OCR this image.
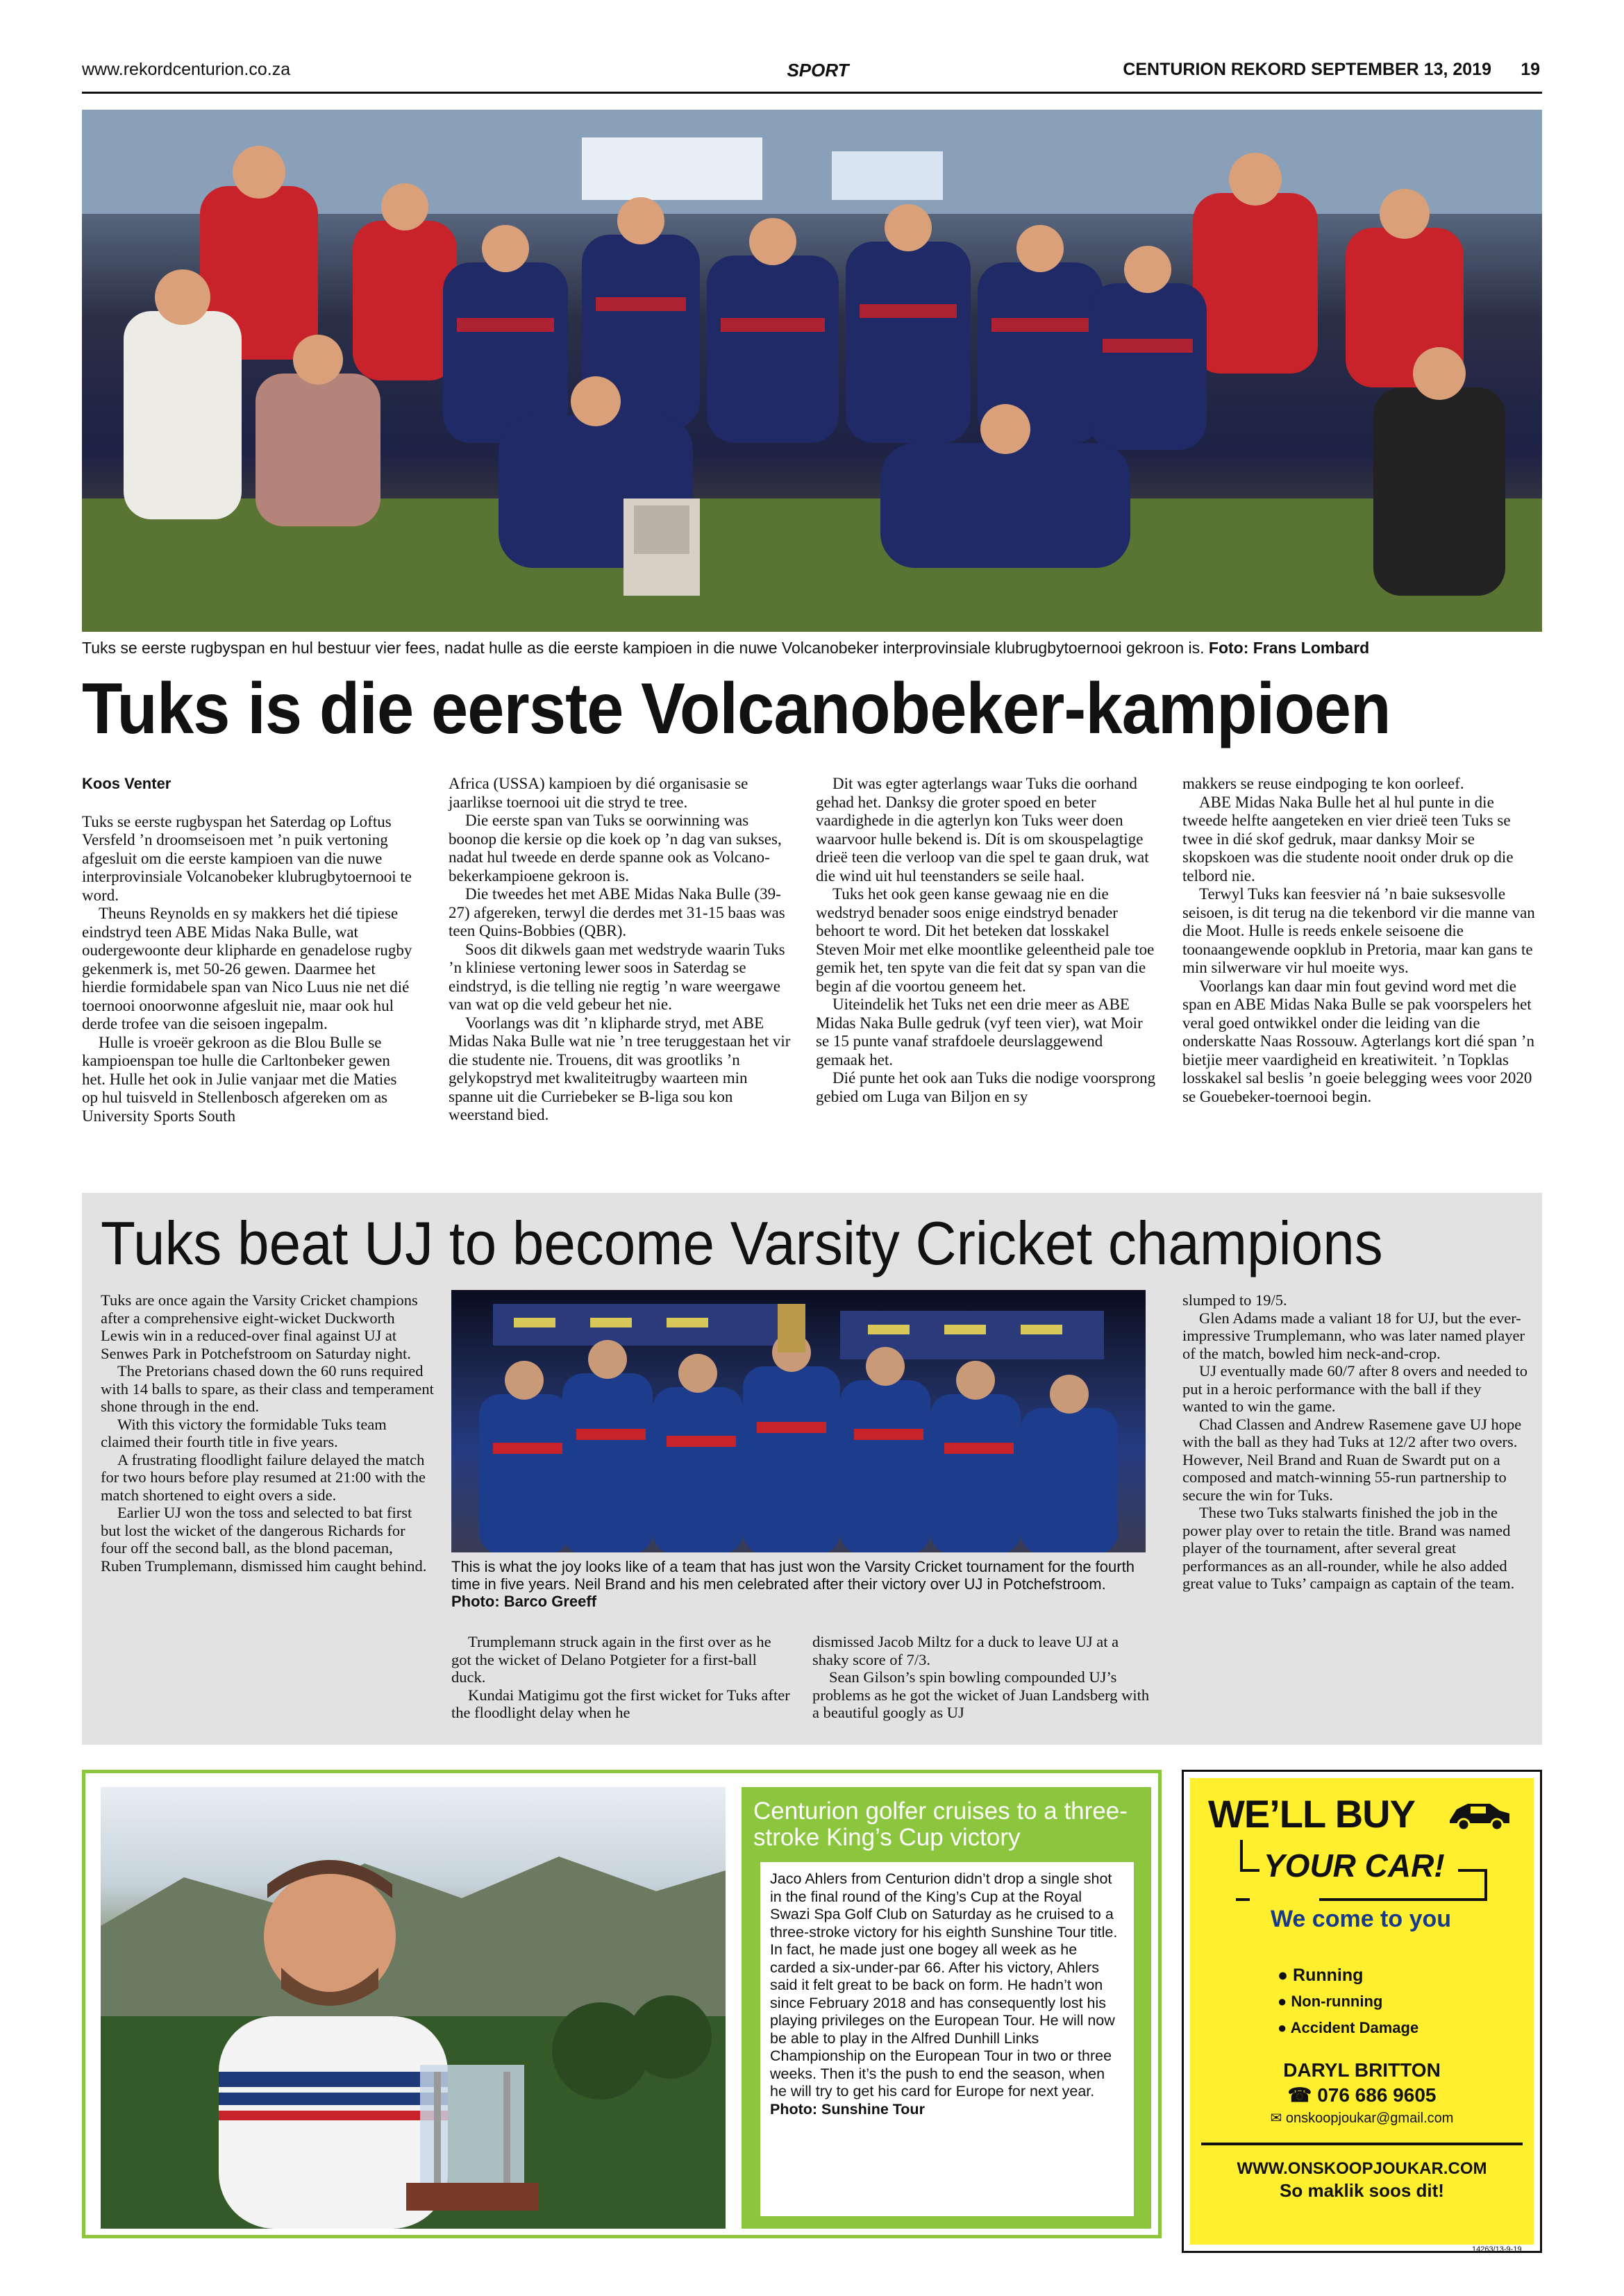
www.rekordcenturion.co.za	SPORT	CENTURION REKORD SEPTEMBER 13, 2019 19
Tuks se eerste rugbyspan en hul bestuur vier fees, nadat hulle as die eerste kampioen in die nuwe Volcanobeker interprovinsiale klubrugbytoernooi gekroon is. Foto: Frans Lombard
Tuks is die eerste Volcanobeker-kampioen
Koos Venter

Tuks se eerste rugbyspan het Saterdag op Loftus Versfeld ’n droomseisoen met ’n puik vertoning afgesluit om die eerste kampioen van die nuwe interprovinsiale Volcanobeker klubrugbytoernooi te word.

Theuns Reynolds en sy makkers het dié tipiese eindstryd teen ABE Midas Naka Bulle, wat oudergewoonte deur klipharde en genadelose rugby gekenmerk is, met 50-26 gewen. Daarmee het hierdie formidabele span van Nico Luus nie net dié toernooi onoorwonne afgesluit nie, maar ook hul derde trofee van die seisoen ingepalm.

Hulle is vroeër gekroon as die Blou Bulle se kampioenspan toe hulle die Carltonbeker gewen het. Hulle het ook in Julie vanjaar met die Maties op hul tuisveld in Stellenbosch afgereken om as University Sports South

Africa (USSA) kampioen by dié organisasie se jaarlikse toernooi uit die stryd te tree.

Die eerste span van Tuks se oorwinning was boonop die kersie op die koek op ’n dag van sukses, nadat hul tweede en derde spanne ook as Volcano-bekerkampioene gekroon is.

Die tweedes het met ABE Midas Naka Bulle (39-27) afgereken, terwyl die derdes met 31-15 baas was teen Quins-Bobbies (QBR).

Soos dit dikwels gaan met wedstryde waarin Tuks ’n kliniese vertoning lewer soos in Saterdag se eindstryd, is die telling nie regtig ’n ware weergawe van wat op die veld gebeur het nie.

Voorlangs was dit ’n klipharde stryd, met ABE Midas Naka Bulle wat nie ’n tree teruggestaan het vir die studente nie. Trouens, dit was grootliks ’n gelykopstryd met kwaliteitrugby waarteen min spanne uit die Curriebeker se B-liga sou kon weerstand bied.

Dit was egter agterlangs waar Tuks die oorhand gehad het. Danksy die groter spoed en beter vaardighede in die agterlyn kon Tuks weer doen waarvoor hulle bekend is. Dít is om skouspelagtige drieë teen die verloop van die spel te gaan druk, wat die wind uit hul teenstanders se seile haal.

Tuks het ook geen kanse gewaag nie en die wedstryd benader soos enige eindstryd benader behoort te word. Dit het beteken dat losskakel Steven Moir met elke moontlike geleentheid pale toe gemik het, ten spyte van die feit dat sy span van die begin af die voortou geneem het.

Uiteindelik het Tuks net een drie meer as ABE Midas Naka Bulle gedruk (vyf teen vier), wat Moir se 15 punte vanaf strafdoele deurslaggewend gemaak het.

Dié punte het ook aan Tuks die nodige voorsprong gebied om Luga van Biljon en sy

makkers se reuse eindpoging te kon oorleef.

ABE Midas Naka Bulle het al hul punte in die tweede helfte aangeteken en vier drieë teen Tuks se twee in dié skof gedruk, maar danksy Moir se skopskoen was die studente nooit onder druk op die telbord nie.

Terwyl Tuks kan feesvier ná ’n baie suksesvolle seisoen, is dit terug na die tekenbord vir die manne van die Moot. Hulle is reeds enkele seisoene die toonaangewende oopklub in Pretoria, maar kan gans te min silwerware vir hul moeite wys.

Voorlangs kan daar min fout gevind word met die span en ABE Midas Naka Bulle se pak voorspelers het veral goed ontwikkel onder die leiding van die onderskatte Naas Rossouw. Agterlangs kort dié span ’n bietjie meer vaardigheid en kreatiwiteit. ’n Topklas losskakel sal beslis ’n goeie belegging wees voor 2020 se Gouebeker-toernooi begin.

Tuks beat UJ to become Varsity Cricket champions

Tuks are once again the Varsity Cricket champions after a comprehensive eight-wicket Duckworth Lewis win in a reduced-over final against UJ at Senwes Park in Potchefstroom on Saturday night.

The Pretorians chased down the 60 runs required with 14 balls to spare, as their class and temperament shone through in the end.

With this victory the formidable Tuks team claimed their fourth title in five years.

A frustrating floodlight failure delayed the match for two hours before play resumed at 21:00 with the match shortened to eight overs a side.

Earlier UJ won the toss and selected to bat first but lost the wicket of the dangerous Richards for four off the second ball, as the blond paceman, Ruben Trumplemann, dismissed him caught behind.	This is what the joy looks like of a team that has just won the Varsity Cricket tournament for the fourth time in five years. Neil Brand and his men celebrated after their victory over UJ in Potchefstroom. Photo: Barco Greeff

Trumplemann struck again in the first over as he got the wicket of Delano Potgieter for a first-ball duck.

Kundai Matigimu got the first wicket for Tuks after the floodlight delay when he

dismissed Jacob Miltz for a duck to leave UJ at a shaky score of 7/3.

Sean Gilson’s spin bowling compounded UJ’s problems as he got the wicket of Juan Landsberg with a beautiful googly as UJ

slumped to 19/5.

Glen Adams made a valiant 18 for UJ, but the ever-impressive Trumplemann, who was later named player of the match, bowled him neck-and-crop.

UJ eventually made 60/7 after 8 overs and needed to put in a heroic performance with the ball if they wanted to win the game.

Chad Classen and Andrew Rasemene gave UJ hope with the ball as they had Tuks at 12/2 after two overs. However, Neil Brand and Ruan de Swardt put on a composed and match-winning 55-run partnership to secure the win for Tuks.

These two Tuks stalwarts finished the job in the power play over to retain the title. Brand was named player of the tournament, after several great performances as an all-rounder, while he also added great value to Tuks’ campaign as captain of the team.

Centurion golfer cruises to a three-stroke King’s Cup victory
Jaco Ahlers from Centurion didn’t drop a single shot in the final round of the King’s Cup at the Royal Swazi Spa Golf Club on Saturday as he cruised to a three-stroke victory for his eighth Sunshine Tour title. In fact, he made just one bogey all week as he carded a six-under-par 66. After his victory, Ahlers said it felt great to be back on form. He hadn’t won since February 2018 and has consequently lost his playing privileges on the European Tour. He will now be able to play in the Alfred Dunhill Links Championship on the European Tour in two or three weeks. Then it’s the push to end the season, when he will try to get his card for Europe for next year. Photo: Sunshine Tour
WE’LL BUY
YOUR CAR!
We come to you
● Running
● Non-running
● Accident Damage
DARYL BRITTON
☎ 076 686 9605
✉ onskoopjoukar@gmail.com
WWW.ONSKOOPJOUKAR.COM
So maklik soos dit!
14263/13-9-19
